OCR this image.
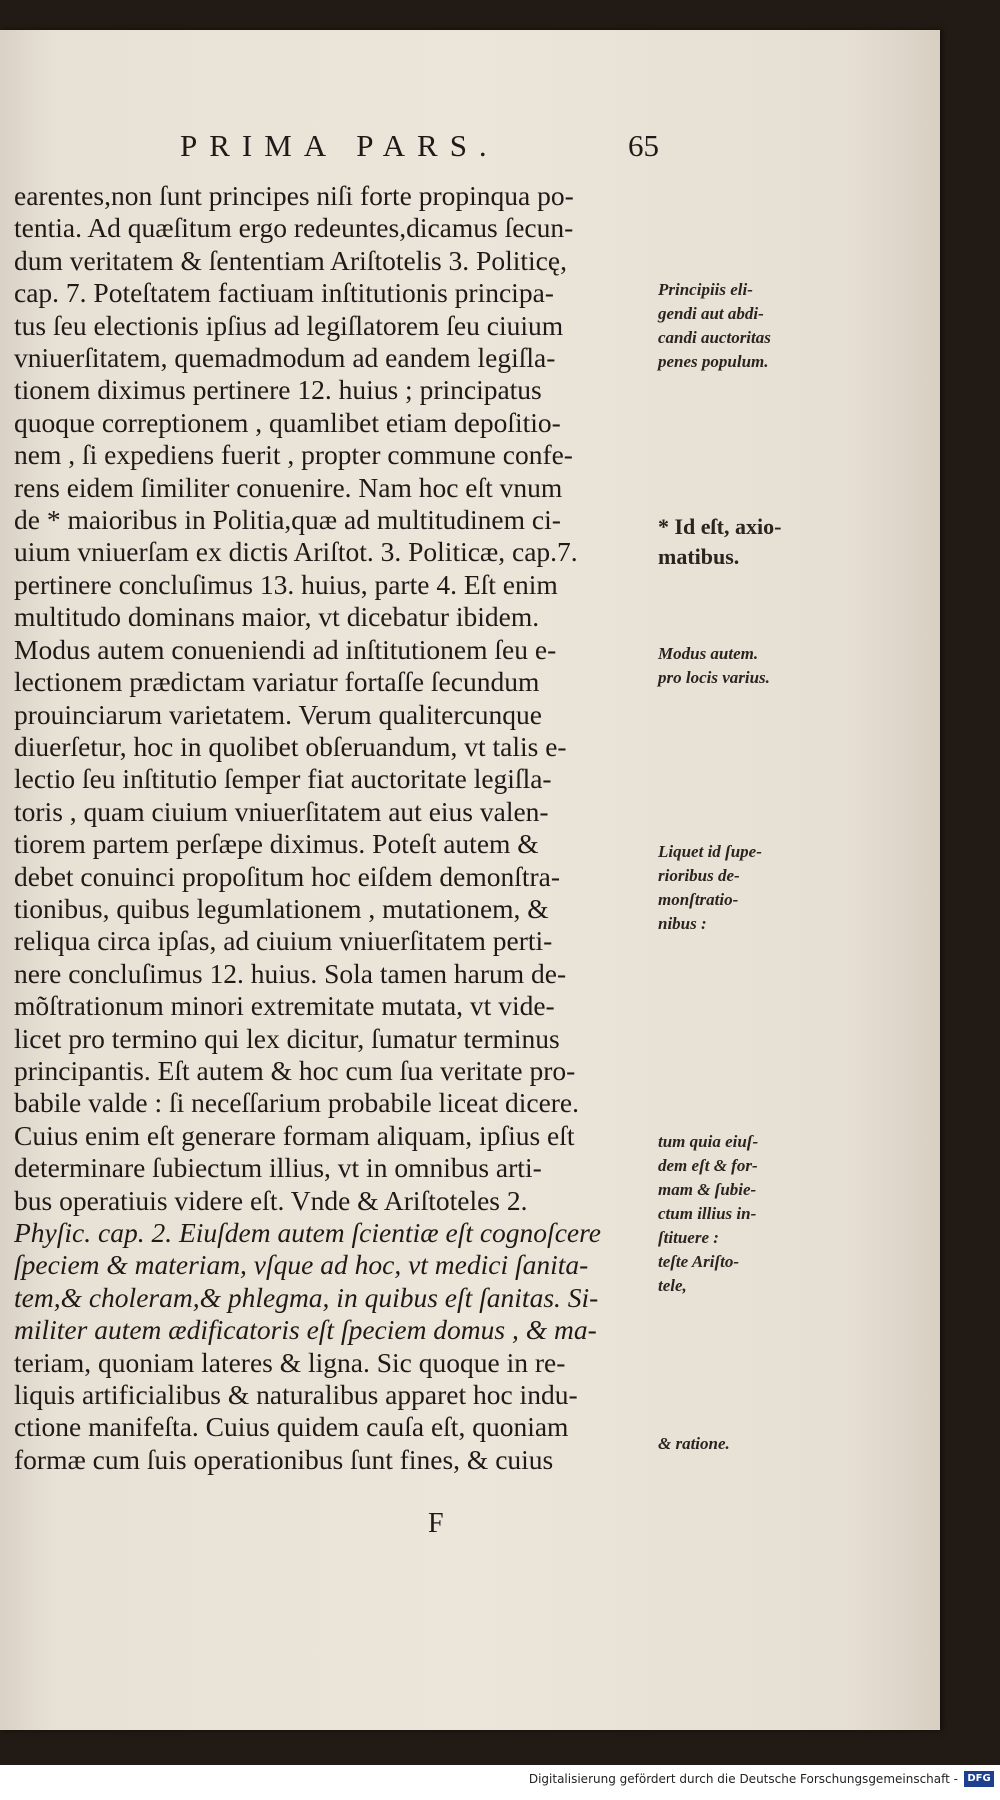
PRIMA PARS.	65
earentes,non ſunt principes niſi forte propinqua po-
tentia. Ad quæſitum ergo redeuntes,dicamus ſecun-
dum veritatem & ſententiam Ariſtotelis 3. Politicę,
cap. 7. Poteſtatem factiuam inſtitutionis principa-
tus ſeu electionis ipſius ad legiſlatorem ſeu ciuium
vniuerſitatem, quemadmodum ad eandem legiſla-
tionem diximus pertinere 12. huius ; principatus
quoque correptionem , quamlibet etiam depoſitio-
nem , ſi expediens fuerit , propter commune confe-
rens eidem ſimiliter conuenire. Nam hoc eſt vnum
de * maioribus in Politia,quæ ad multitudinem ci-
uium vniuerſam ex dictis Ariſtot. 3. Politicæ, cap.7.
pertinere concluſimus 13. huius, parte 4. Eſt enim
multitudo dominans maior, vt dicebatur ibidem.
Modus autem conueniendi ad inſtitutionem ſeu e-
lectionem prædictam variatur fortaſſe ſecundum
prouinciarum varietatem. Verum qualitercunque
diuerſetur, hoc in quolibet obſeruandum, vt talis e-
lectio ſeu inſtitutio ſemper fiat auctoritate legiſla-
toris , quam ciuium vniuerſitatem aut eius valen-
tiorem partem perſæpe diximus. Poteſt autem &
debet conuinci propoſitum hoc eiſdem demonſtra-
tionibus, quibus legumlationem , mutationem, &
reliqua circa ipſas, ad ciuium vniuerſitatem perti-
nere concluſimus 12. huius. Sola tamen harum de-
mõſtrationum minori extremitate mutata, vt vide-
licet pro termino qui lex dicitur, ſumatur terminus
principantis. Eſt autem & hoc cum ſua veritate pro-
babile valde : ſi neceſſarium probabile liceat dicere.
Cuius enim eſt generare formam aliquam, ipſius eſt
determinare ſubiectum illius, vt in omnibus arti-
bus operatiuis videre eſt. Vnde & Ariſtoteles 2.
Phyſic. cap. 2. Eiuſdem autem ſcientiæ eſt cognoſcere
ſpeciem & materiam, vſque ad hoc, vt medici ſanita-
tem,& choleram,& phlegma, in quibus eſt ſanitas. Si-
militer autem ædificatoris eſt ſpeciem domus , & ma-
teriam, quoniam lateres & ligna. Sic quoque in re-
liquis artificialibus & naturalibus apparet hoc indu-
ctione manifeſta. Cuius quidem cauſa eſt, quoniam
formæ cum ſuis operationibus ſunt fines, & cuius
Principiis eli-
gendi aut abdi-
candi auctoritas
penes populum.
* Id eſt, axio-
matibus.
Modus autem.
pro locis varius.
Liquet id ſupe-
rioribus de-
monſtratio-
nibus :
tum quia eiuſ-
dem eſt & for-
mam & ſubie-
ctum illius in-
ſtituere :
teſte Ariſto-
tele,
& ratione.
F
Digitalisierung gefördert durch die Deutsche Forschungsgemeinschaft - DFG
